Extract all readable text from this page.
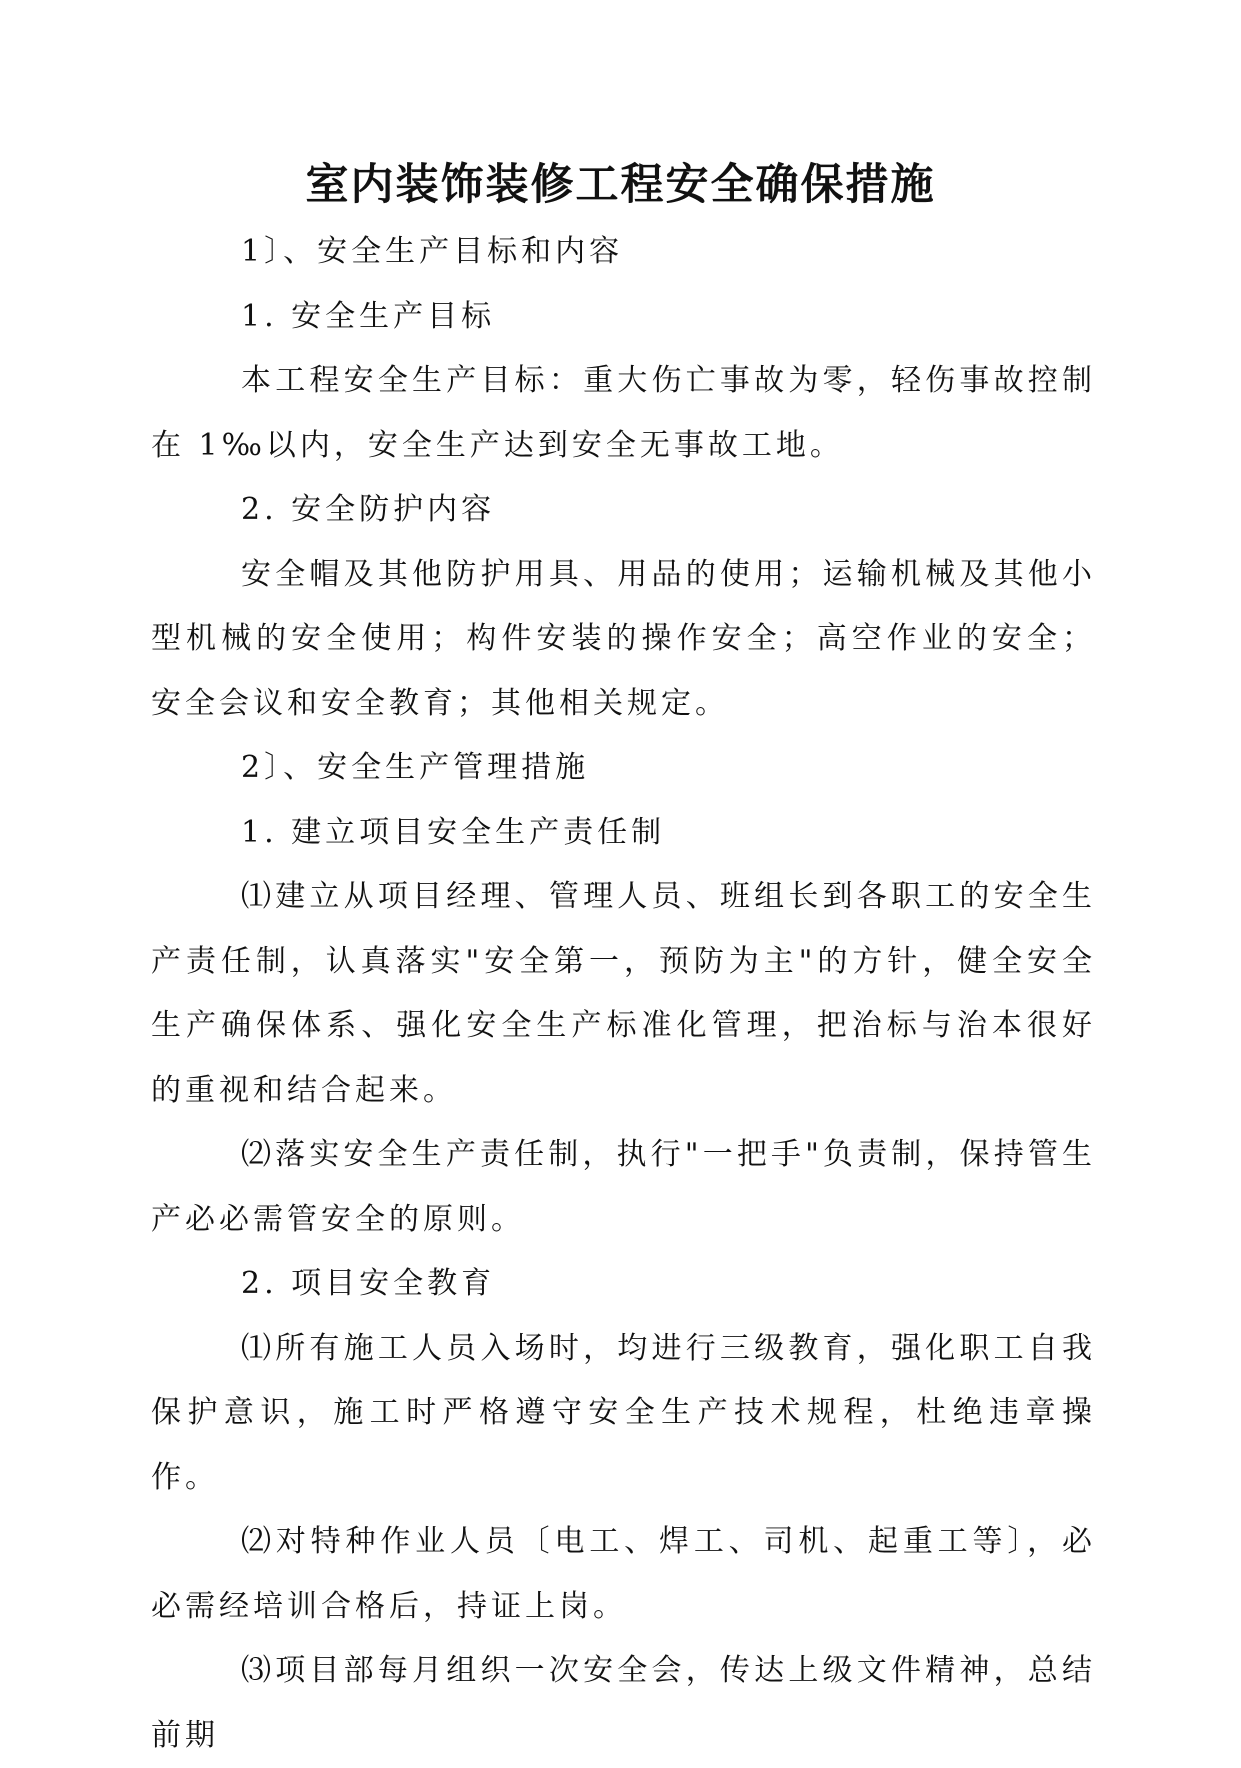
室内装饰装修工程安全确保措施

1〕、安全生产目标和内容

1. 安全生产目标

本工程安全生产目标：重大伤亡事故为零，轻伤事故控制在 1‰以内，安全生产达到安全无事故工地。

2. 安全防护内容

安全帽及其他防护用具、用品的使用；运输机械及其他小型机械的安全使用；构件安装的操作安全；高空作业的安全；安全会议和安全教育；其他相关规定。

2〕、安全生产管理措施

1. 建立项目安全生产责任制

⑴建立从项目经理、管理人员、班组长到各职工的安全生产责任制，认真落实"安全第一，预防为主"的方针，健全安全生产确保体系、强化安全生产标准化管理，把治标与治本很好的重视和结合起来。

⑵落实安全生产责任制，执行"一把手"负责制，保持管生产必必需管安全的原则。

2. 项目安全教育

⑴所有施工人员入场时，均进行三级教育，强化职工自我保护意识，施工时严格遵守安全生产技术规程，杜绝违章操作。

⑵对特种作业人员〔电工、焊工、司机、起重工等〕，必必需经培训合格后，持证上岗。

⑶项目部每月组织一次安全会，传达上级文件精神，总结前期
